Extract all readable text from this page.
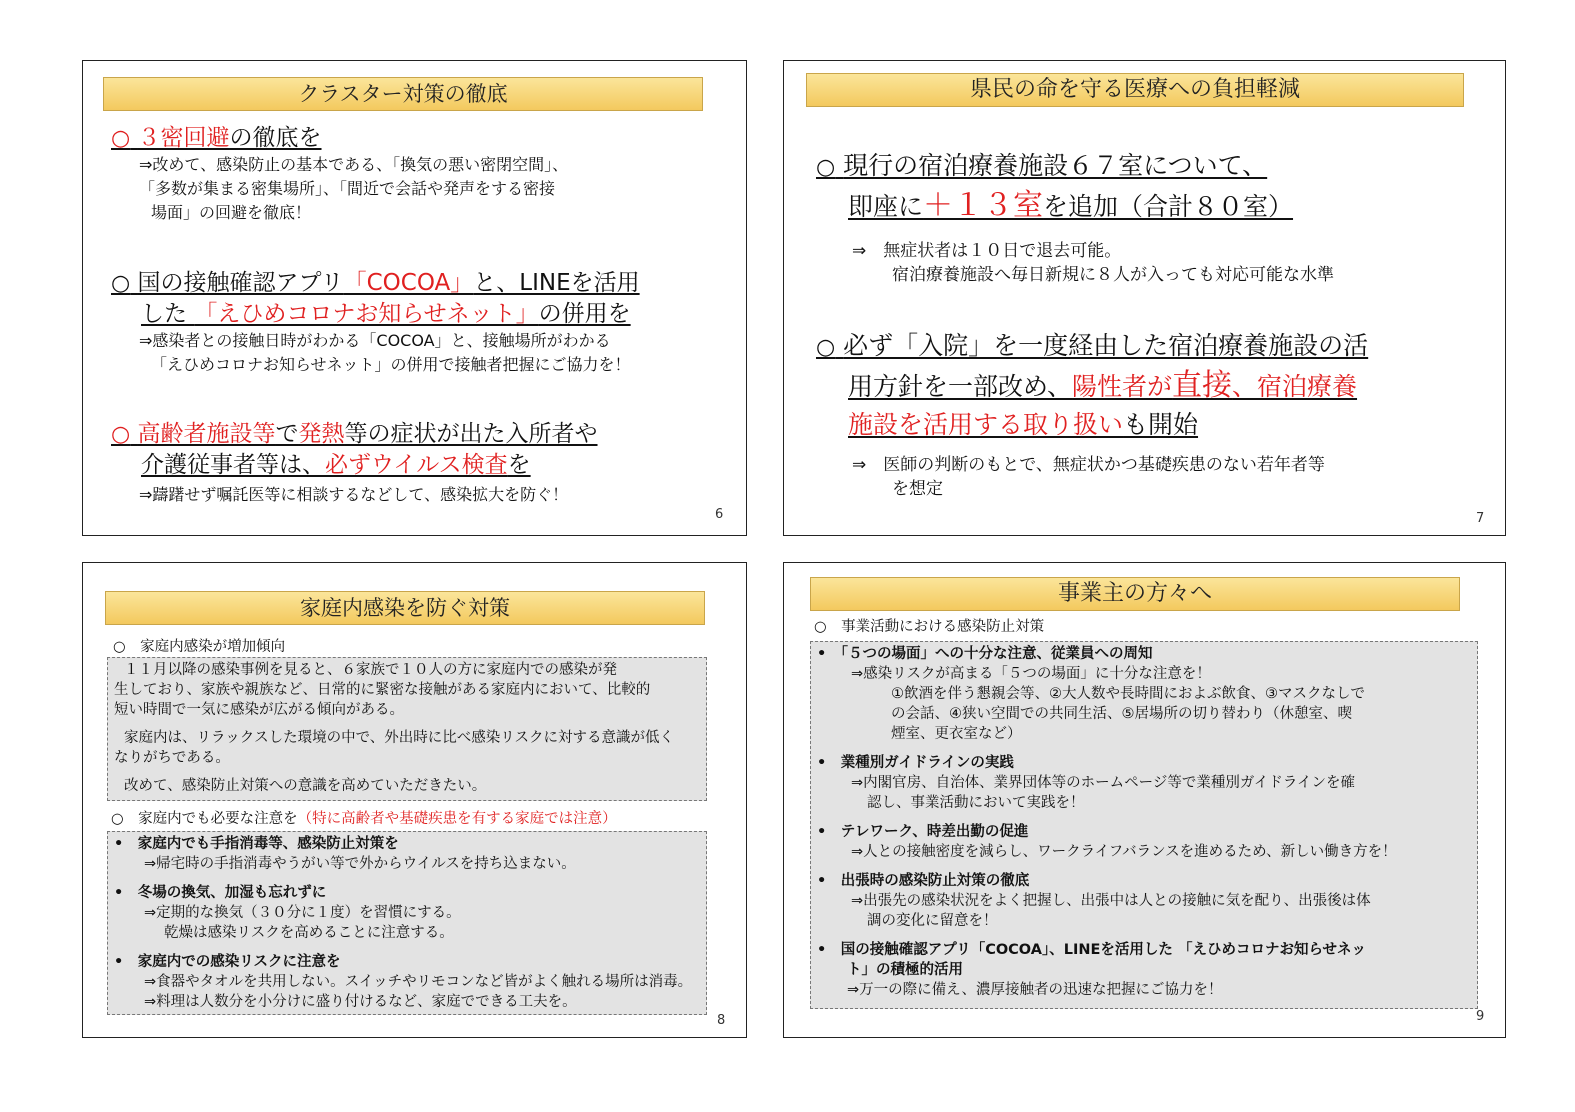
クラスター対策の徹底
○ ３密回避の徹底を
⇒改めて、感染防止の基本である、「換気の悪い密閉空間」、
「多数が集まる密集場所」、「間近で会話や発声をする密接
場面」の回避を徹底！
○ 国の接触確認アプリ「COCOA」と、LINEを活用
した 「えひめコロナお知らせネット」の併用を
⇒感染者との接触日時がわかる「COCOA」と、接触場所がわかる
「えひめコロナお知らせネット」の併用で接触者把握にご協力を！
○ 高齢者施設等で発熱等の症状が出た入所者や
介護従事者等は、必ずウイルス検査を
⇒躊躇せず嘱託医等に相談するなどして、感染拡大を防ぐ！
6
県民の命を守る医療への負担軽減
○ 現行の宿泊療養施設６７室について、
即座に＋１３室を追加（合計８０室）
⇒　無症状者は１０日で退去可能。
宿泊療養施設へ毎日新規に８人が入っても対応可能な水準
○ 必ず「入院」を一度経由した宿泊療養施設の活
用方針を一部改め、陽性者が直接、宿泊療養
施設を活用する取り扱いも開始
⇒　医師の判断のもとで、無症状かつ基礎疾患のない若年者等
を想定
7
家庭内感染を防ぐ対策
○　家庭内感染が増加傾向
１１月以降の感染事例を見ると、６家族で１０人の方に家庭内での感染が発
生しており、家族や親族など、日常的に緊密な接触がある家庭内において、比較的
短い時間で一気に感染が広がる傾向がある。
家庭内は、リラックスした環境の中で、外出時に比べ感染リスクに対する意識が低く
なりがちである。
改めて、感染防止対策への意識を高めていただきたい。
○　家庭内でも必要な注意を（特に高齢者や基礎疾患を有する家庭では注意）
•　 家庭内でも手指消毒等、感染防止対策を
⇒帰宅時の手指消毒やうがい等で外からウイルスを持ち込まない。
•　 冬場の換気、加湿も忘れずに
⇒定期的な換気（３０分に１度）を習慣にする。
乾燥は感染リスクを高めることに注意する。
•　 家庭内での感染リスクに注意を
⇒食器やタオルを共用しない。スイッチやリモコンなど皆がよく触れる場所は消毒。
⇒料理は人数分を小分けに盛り付けるなど、家庭でできる工夫を。
8
事業主の方々へ
○　事業活動における感染防止対策
•　 「５つの場面」への十分な注意、従業員への周知
⇒感染リスクが高まる「５つの場面」に十分な注意を！
①飲酒を伴う懇親会等、②大人数や長時間におよぶ飲食、③マスクなしで
の会話、④狭い空間での共同生活、⑤居場所の切り替わり（休憩室、喫
煙室、更衣室など）
•　 業種別ガイドラインの実践
⇒内閣官房、自治体、業界団体等のホームページ等で業種別ガイドラインを確
認し、事業活動において実践を！
•　 テレワーク、時差出勤の促進
⇒人との接触密度を減らし、ワークライフバランスを進めるため、新しい働き方を！
•　 出張時の感染防止対策の徹底
⇒出張先の感染状況をよく把握し、出張中は人との接触に気を配り、出張後は体
調の変化に留意を！
•　 国の接触確認アプリ「COCOA」、LINEを活用した 「えひめコロナお知らせネッ
ト」の積極的活用
⇒万一の際に備え、濃厚接触者の迅速な把握にご協力を！
9
